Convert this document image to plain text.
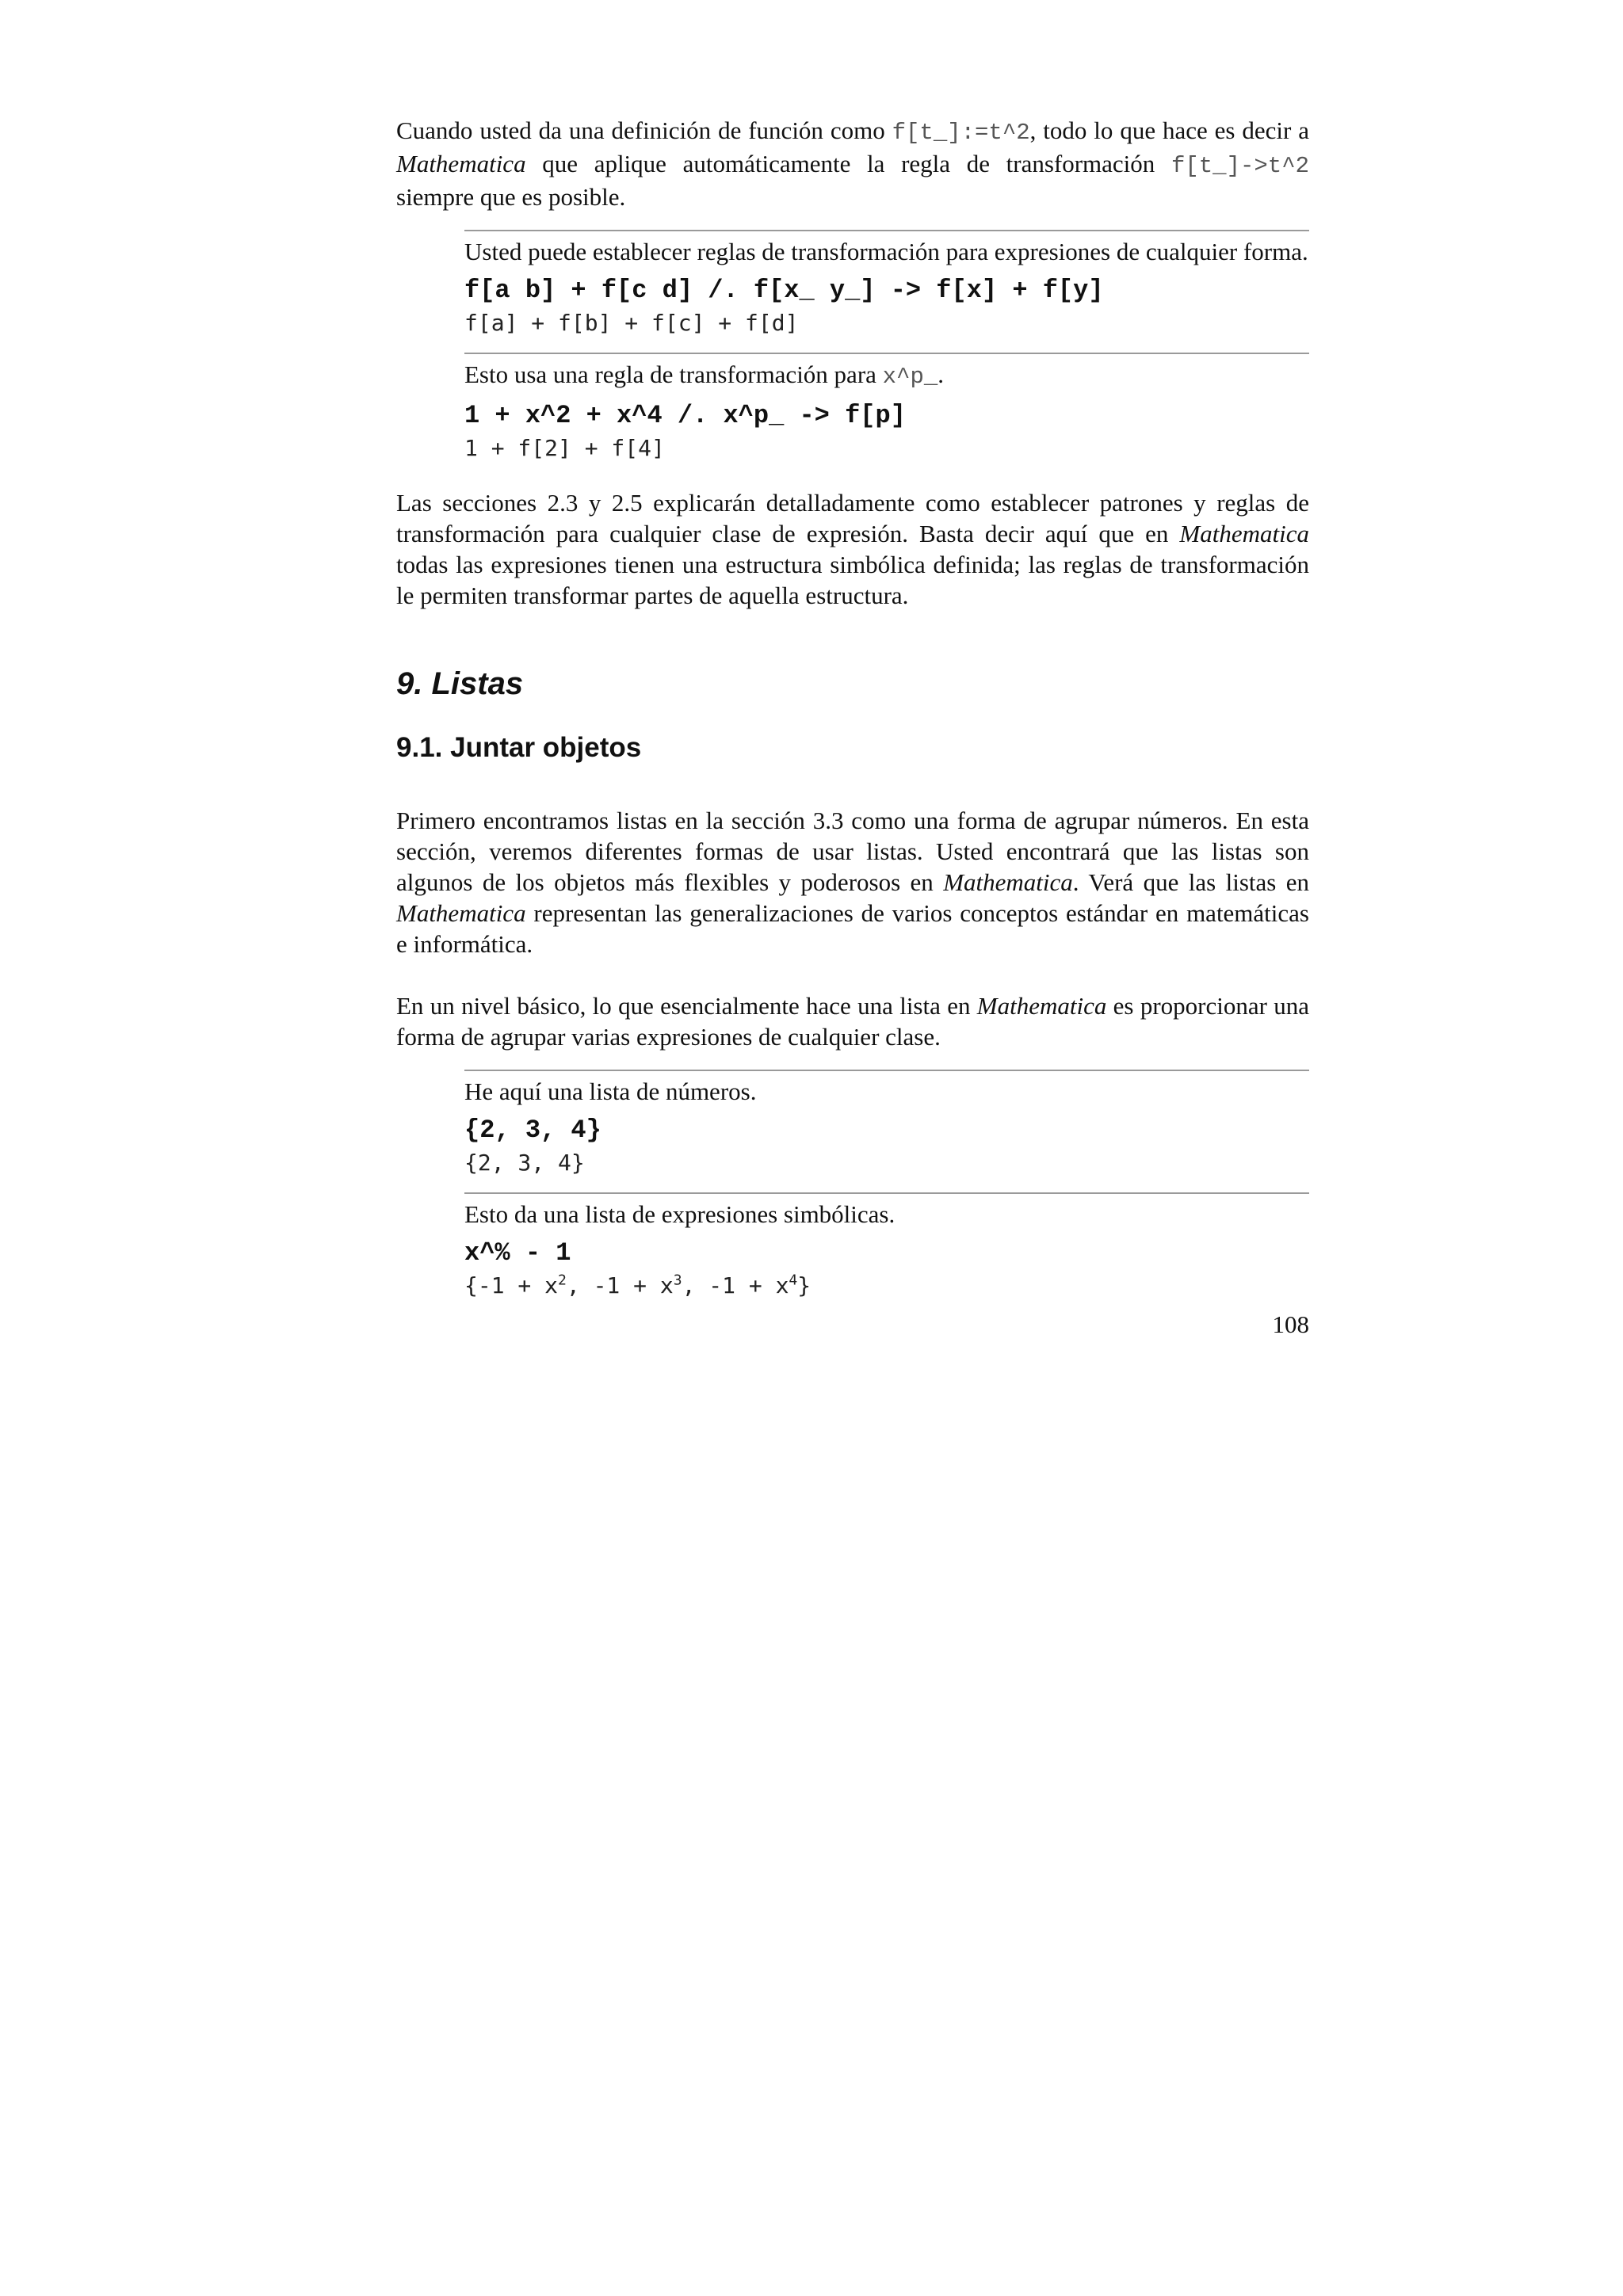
Cuando usted da una definición de función como f[t_]:=t^2, todo lo que hace es decir a Mathematica que aplique automáticamente la regla de transformación f[t_]->t^2 siempre que es posible.

Usted puede establecer reglas de transformación para expresiones de cualquier forma.

f[a b] + f[c d] /. f[x_ y_] -> f[x] + f[y]
f[a] + f[b] + f[c] + f[d]

Esto usa una regla de transformación para x^p_.

1 + x^2 + x^4 /. x^p_ -> f[p]
1 + f[2] + f[4]

Las secciones 2.3 y 2.5 explicarán detalladamente como establecer patrones y reglas de transformación para cualquier clase de expresión. Basta decir aquí que en Mathematica todas las expresiones tienen una estructura simbólica definida; las reglas de transformación le permiten transformar partes de aquella estructura.

9. Listas
9.1. Juntar objetos

Primero encontramos listas en la sección 3.3 como una forma de agrupar números. En esta sección, veremos diferentes formas de usar listas. Usted encontrará que las listas son algunos de los objetos más flexibles y poderosos en Mathematica. Verá que las listas en Mathematica representan las generalizaciones de varios conceptos estándar en matemáticas e informática.

En un nivel básico, lo que esencialmente hace una lista en Mathematica es proporcionar una forma de agrupar varias expresiones de cualquier clase.

He aquí una lista de números.

{2, 3, 4}
{2, 3, 4}

Esto da una lista de expresiones simbólicas.

x^% - 1
{$-1 + x^2$, $-1 + x^3$, $-1 + x^4$}
108
